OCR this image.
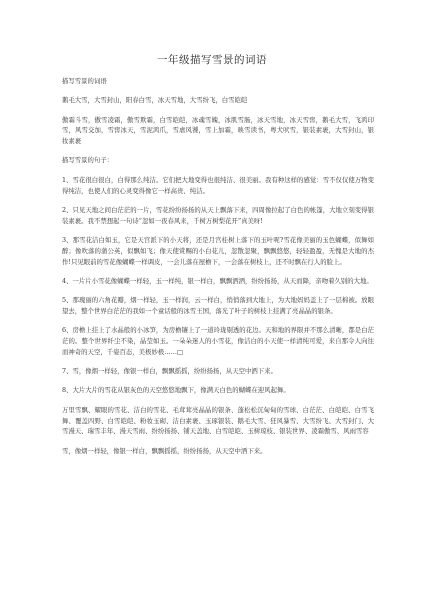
一年级描写雪景的词语

描写雪景的词语

鹅毛大雪，大雪封山，阳春白雪，冰天雪地，大雪纷飞，白雪皑皑

傲霜斗雪，傲雪凌霜，傲雪欺霜，白雪皑皑，冰魂雪魄，冰肌雪肠，冰天雪地，冰天雪窖，鹅毛大雪，飞鸿印雪，风雪交加，雪窖冰天，雪泥鸿爪，雪虐风饕，雪上加霜，映雪读书，粤犬吠雪，银装素裹，大雪封山，银妆素裹

描写雪景的句子：

1、雪花很白很白，白得那么纯洁。它们把大地变得也很纯洁、很美丽。我有种这样的感觉：雪不仅仅使万物变得纯洁，也使人们的心灵变得像它一样高贵、纯洁。

2、只见天地之间白茫茫的一片，雪花纷纷扬扬的从天上飘落下来，四周像拉起了白色的帐篷，大地立刻变得银装素裹。我不禁想起一句诗“忽如一夜春风来，千树万树梨花开”真美呀!

3、那雪花洁白如玉，它是天宫派下的小天将，还是月宫桂树上落下的玉叶呢?雪花像美丽的玉色蝴蝶，似舞如醉；像吹落的蒲公英，似飘如飞；像天使赏赐的小白花儿，忽散忽聚，飘飘悠悠，轻轻盈盈，无愧是大地的杰作!只见眼前的雪花像蝴蝶一样调皮，一会儿落在屋檐下，一会落在树枝上，还不时飘在行人的脸上。

4、一片片小雪花像蝴蝶一样轻，玉一样纯，银一样白，飘飘洒洒，纷纷扬扬，从天而降，亲吻着久别的大地。

5、那瑰丽的六角花瓣，烟一样轻，玉一样润，云一样白，悄悄落到大地上，为大地妈妈盖上了一层棉被。放眼望去，整个世界白茫茫的我如一个童话般的冰雪王国，落光了叶子的树枝上挂满了亮晶晶的银条。

6、房檐上挂上了水晶般的小冰笋，为房檐镶上了一道玲珑剔透的花边。天和地的界限并不那么清晰，都是白茫茫的。整个世界纤尘不染，晶莹如玉。一朵朵迷人的小雪花，像洁白的小天使一样清纯可爱，来自那令人向往而神奇的天空，千姿百态，美极妙极……□

7、雪，像烟一样轻，像银一样白，飘飘摇摇，纷纷扬扬，从天空中洒下来。

8、大片大片的雪花从银灰色的天空悠悠地飘下，像满天白色的蝴蝶在迎风起舞。

万里雪飘、耀眼的雪花、洁白的雪花、毛茸茸亮晶晶的银条、蓬松松沉甸甸的雪球、白茫茫、白皑皑、白雪飞舞、覆盖四野、白雪皑皑、粉妆玉砌、洁白素裹、玉琢银装、鹅毛大雪、狂风暴雪、大雪纷飞、大雪封门、大雪漫天、瑞雪丰年、漫天雪雨、纷纷扬扬、铺天盖地、白雪皑皑、玉树琼枝、银装世界、凌霜傲雪、风雨雪容

雪，像烟一样轻，像银一样白，飘飘摇摇，纷纷扬扬，从天空中洒下来。
